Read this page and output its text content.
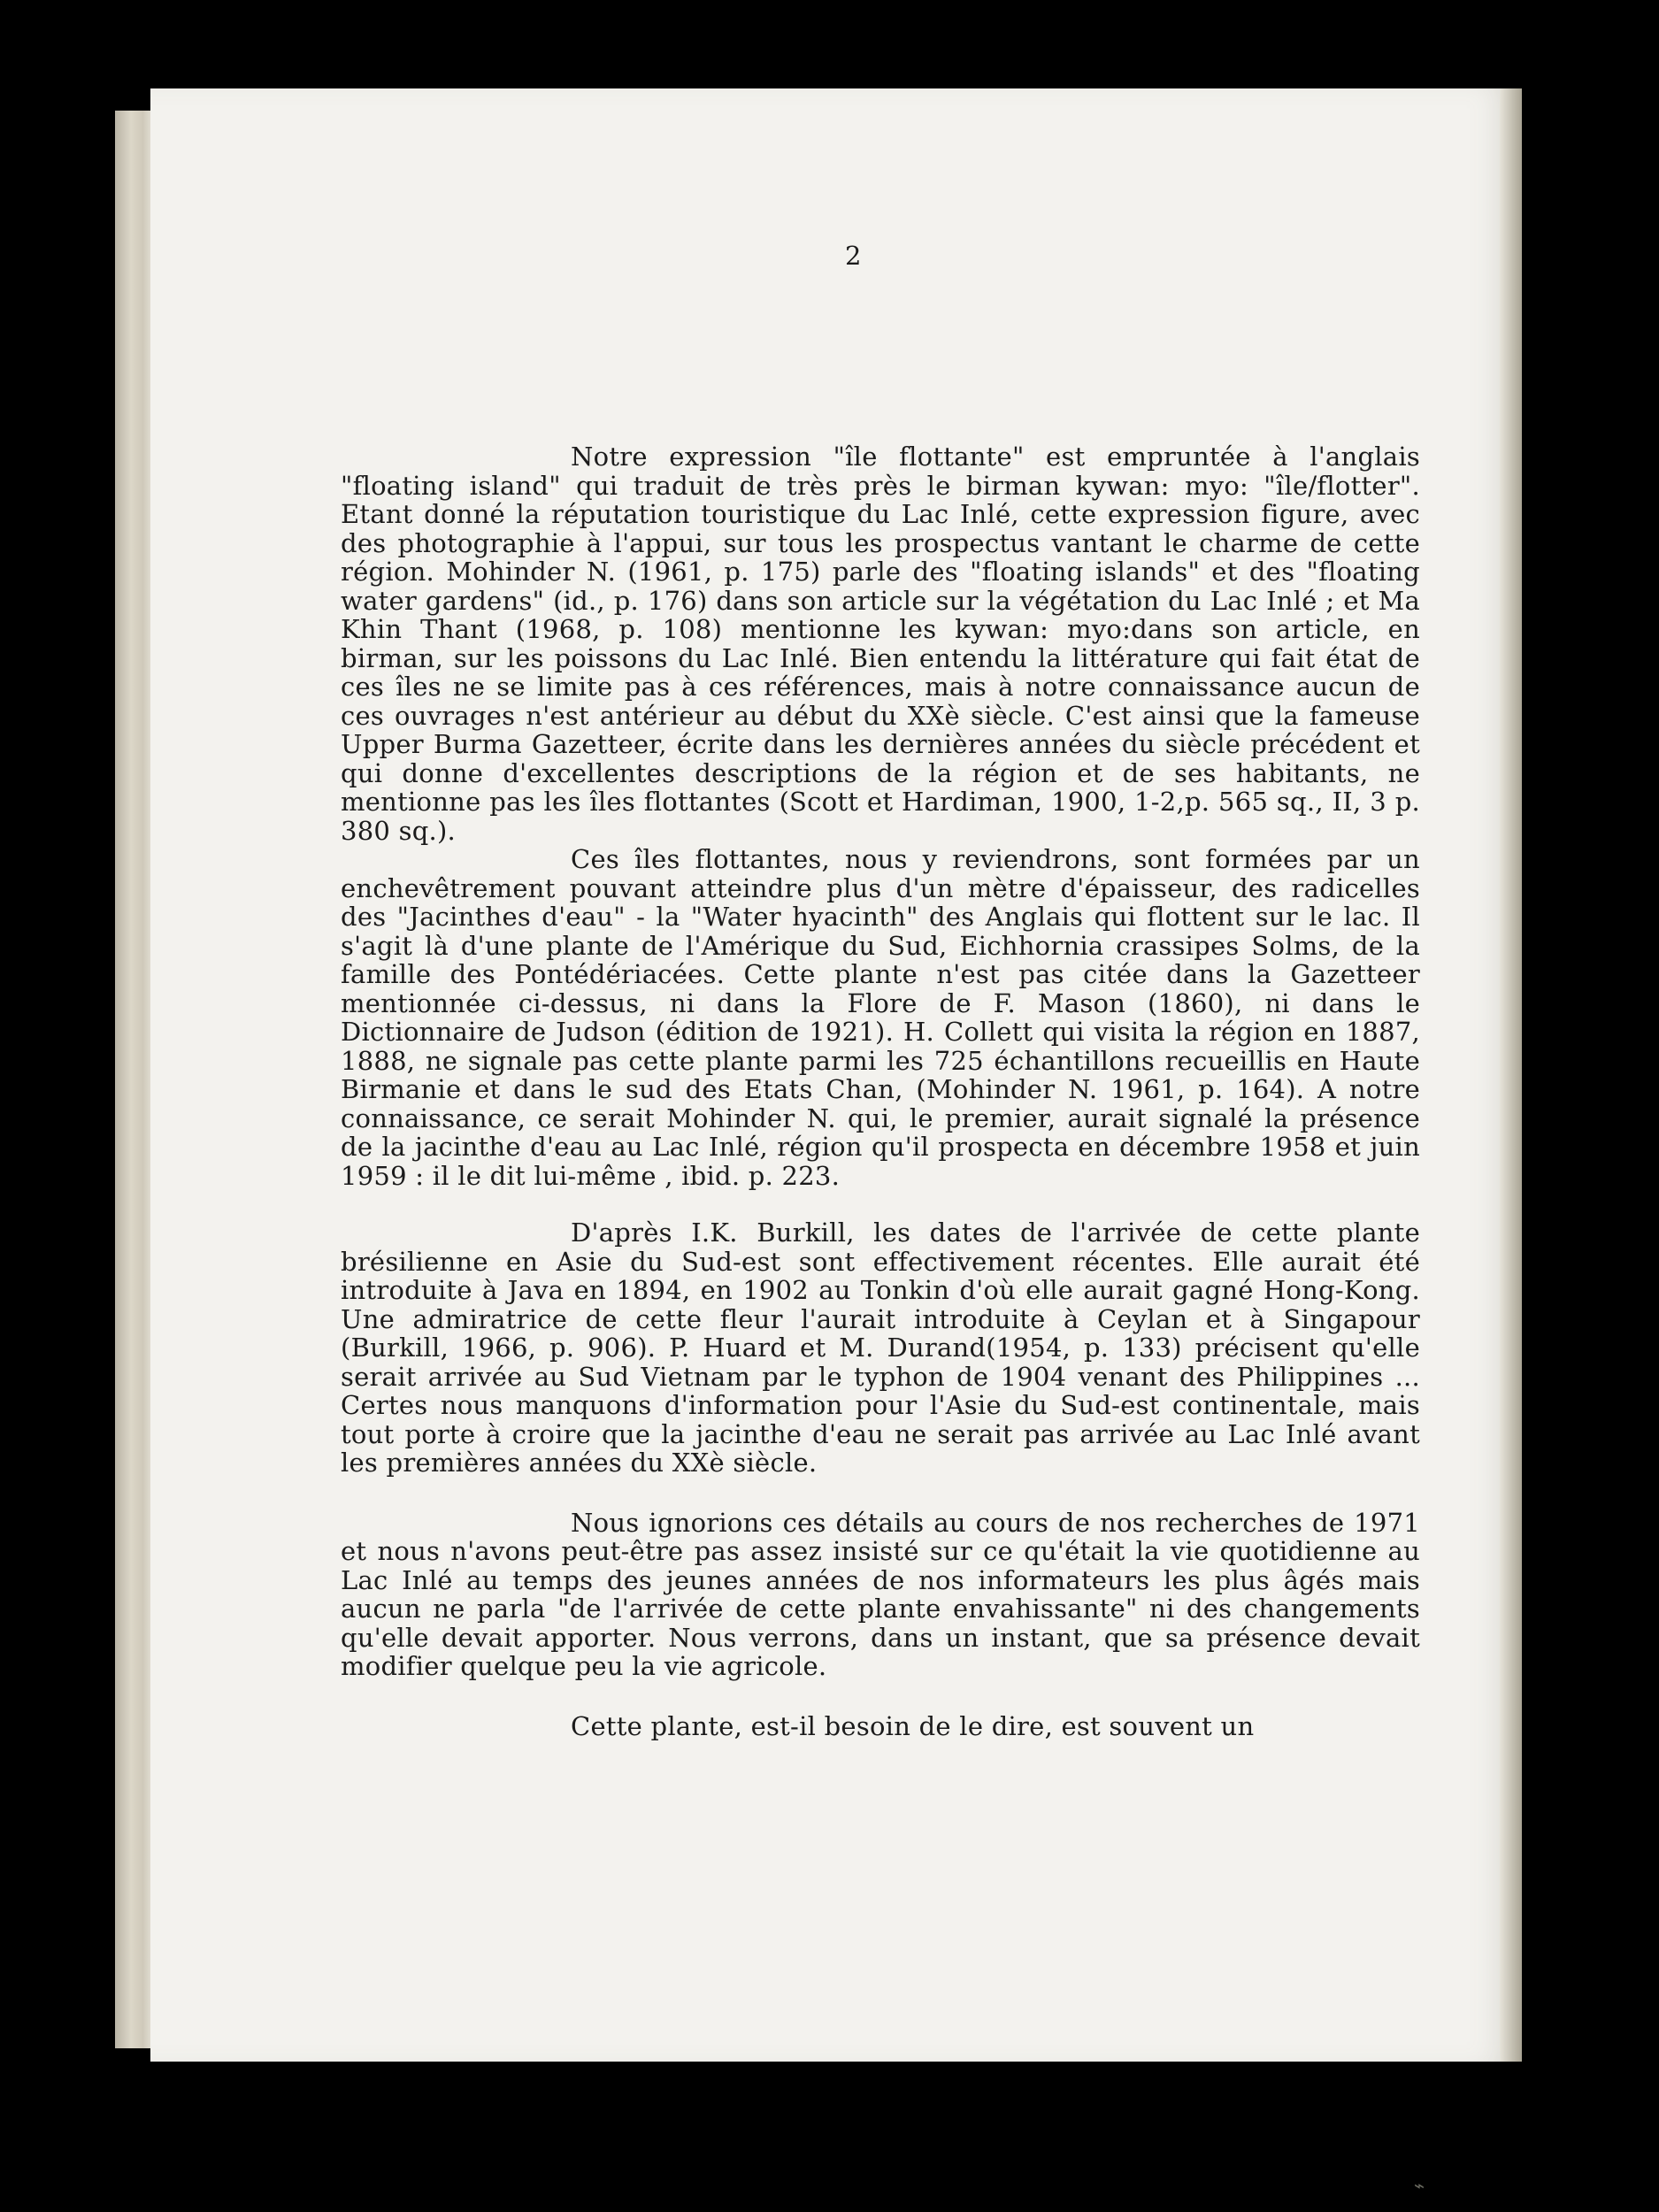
2

Notre expression "île flottante" est empruntée à l'anglais "floating island" qui traduit de très près le birman kywan: myo: "île/flotter". Etant donné la réputation touristique du Lac Inlé, cette expression figure, avec des photographie à l'appui, sur tous les prospectus vantant le charme de cette région. Mohinder N. (1961, p. 175) parle des "floating islands" et des "floating water gardens" (id., p. 176) dans son article sur la végétation du Lac Inlé ; et Ma Khin Thant (1968, p. 108) mentionne les kywan: myo:dans son article, en birman, sur les poissons du Lac Inlé. Bien entendu la littérature qui fait état de ces îles ne se limite pas à ces références, mais à notre connaissance aucun de ces ouvrages n'est antérieur au début du XXè siècle. C'est ainsi que la fameuse Upper Burma Gazetteer, écrite dans les dernières années du siècle précédent et qui donne d'excellentes descriptions de la région et de ses habitants, ne mentionne pas les îles flottantes (Scott et Hardiman, 1900, 1-2,p. 565 sq., II, 3 p. 380 sq.).

Ces îles flottantes, nous y reviendrons, sont formées par un enchevêtrement pouvant atteindre plus d'un mètre d'épaisseur, des radicelles des "Jacinthes d'eau" - la "Water hyacinth" des Anglais qui flottent sur le lac. Il s'agit là d'une plante de l'Amérique du Sud, Eichhornia crassipes Solms, de la famille des Pontédériacées. Cette plante n'est pas citée dans la Gazetteer mentionnée ci-dessus, ni dans la Flore de F. Mason (1860), ni dans le Dictionnaire de Judson (édition de 1921). H. Collett qui visita la région en 1887, 1888, ne signale pas cette plante parmi les 725 échantillons recueillis en Haute Birmanie et dans le sud des Etats Chan, (Mohinder N. 1961, p. 164). A notre connaissance, ce serait Mohinder N. qui, le premier, aurait signalé la présence de la jacinthe d'eau au Lac Inlé, région qu'il prospecta en décembre 1958 et juin 1959 : il le dit lui-même , ibid. p. 223.

D'après I.K. Burkill, les dates de l'arrivée de cette plante brésilienne en Asie du Sud-est sont effectivement récentes. Elle aurait été introduite à Java en 1894, en 1902 au Tonkin d'où elle aurait gagné Hong-Kong. Une admiratrice de cette fleur l'aurait introduite à Ceylan et à Singapour (Burkill, 1966, p. 906). P. Huard et M. Durand(1954, p. 133) précisent qu'elle serait arrivée au Sud Vietnam par le typhon de 1904 venant des Philippines ... Certes nous manquons d'information pour l'Asie du Sud-est continentale, mais tout porte à croire que la jacinthe d'eau ne serait pas arrivée au Lac Inlé avant les premières années du XXè siècle.

Nous ignorions ces détails au cours de nos recherches de 1971 et nous n'avons peut-être pas assez insisté sur ce qu'était la vie quotidienne au Lac Inlé au temps des jeunes années de nos informateurs les plus âgés mais aucun ne parla "de l'arrivée de cette plante envahissante" ni des changements qu'elle devait apporter. Nous verrons, dans un instant, que sa présence devait modifier quelque peu la vie agricole.

Cette plante, est-il besoin de le dire, est souvent un

⌁
